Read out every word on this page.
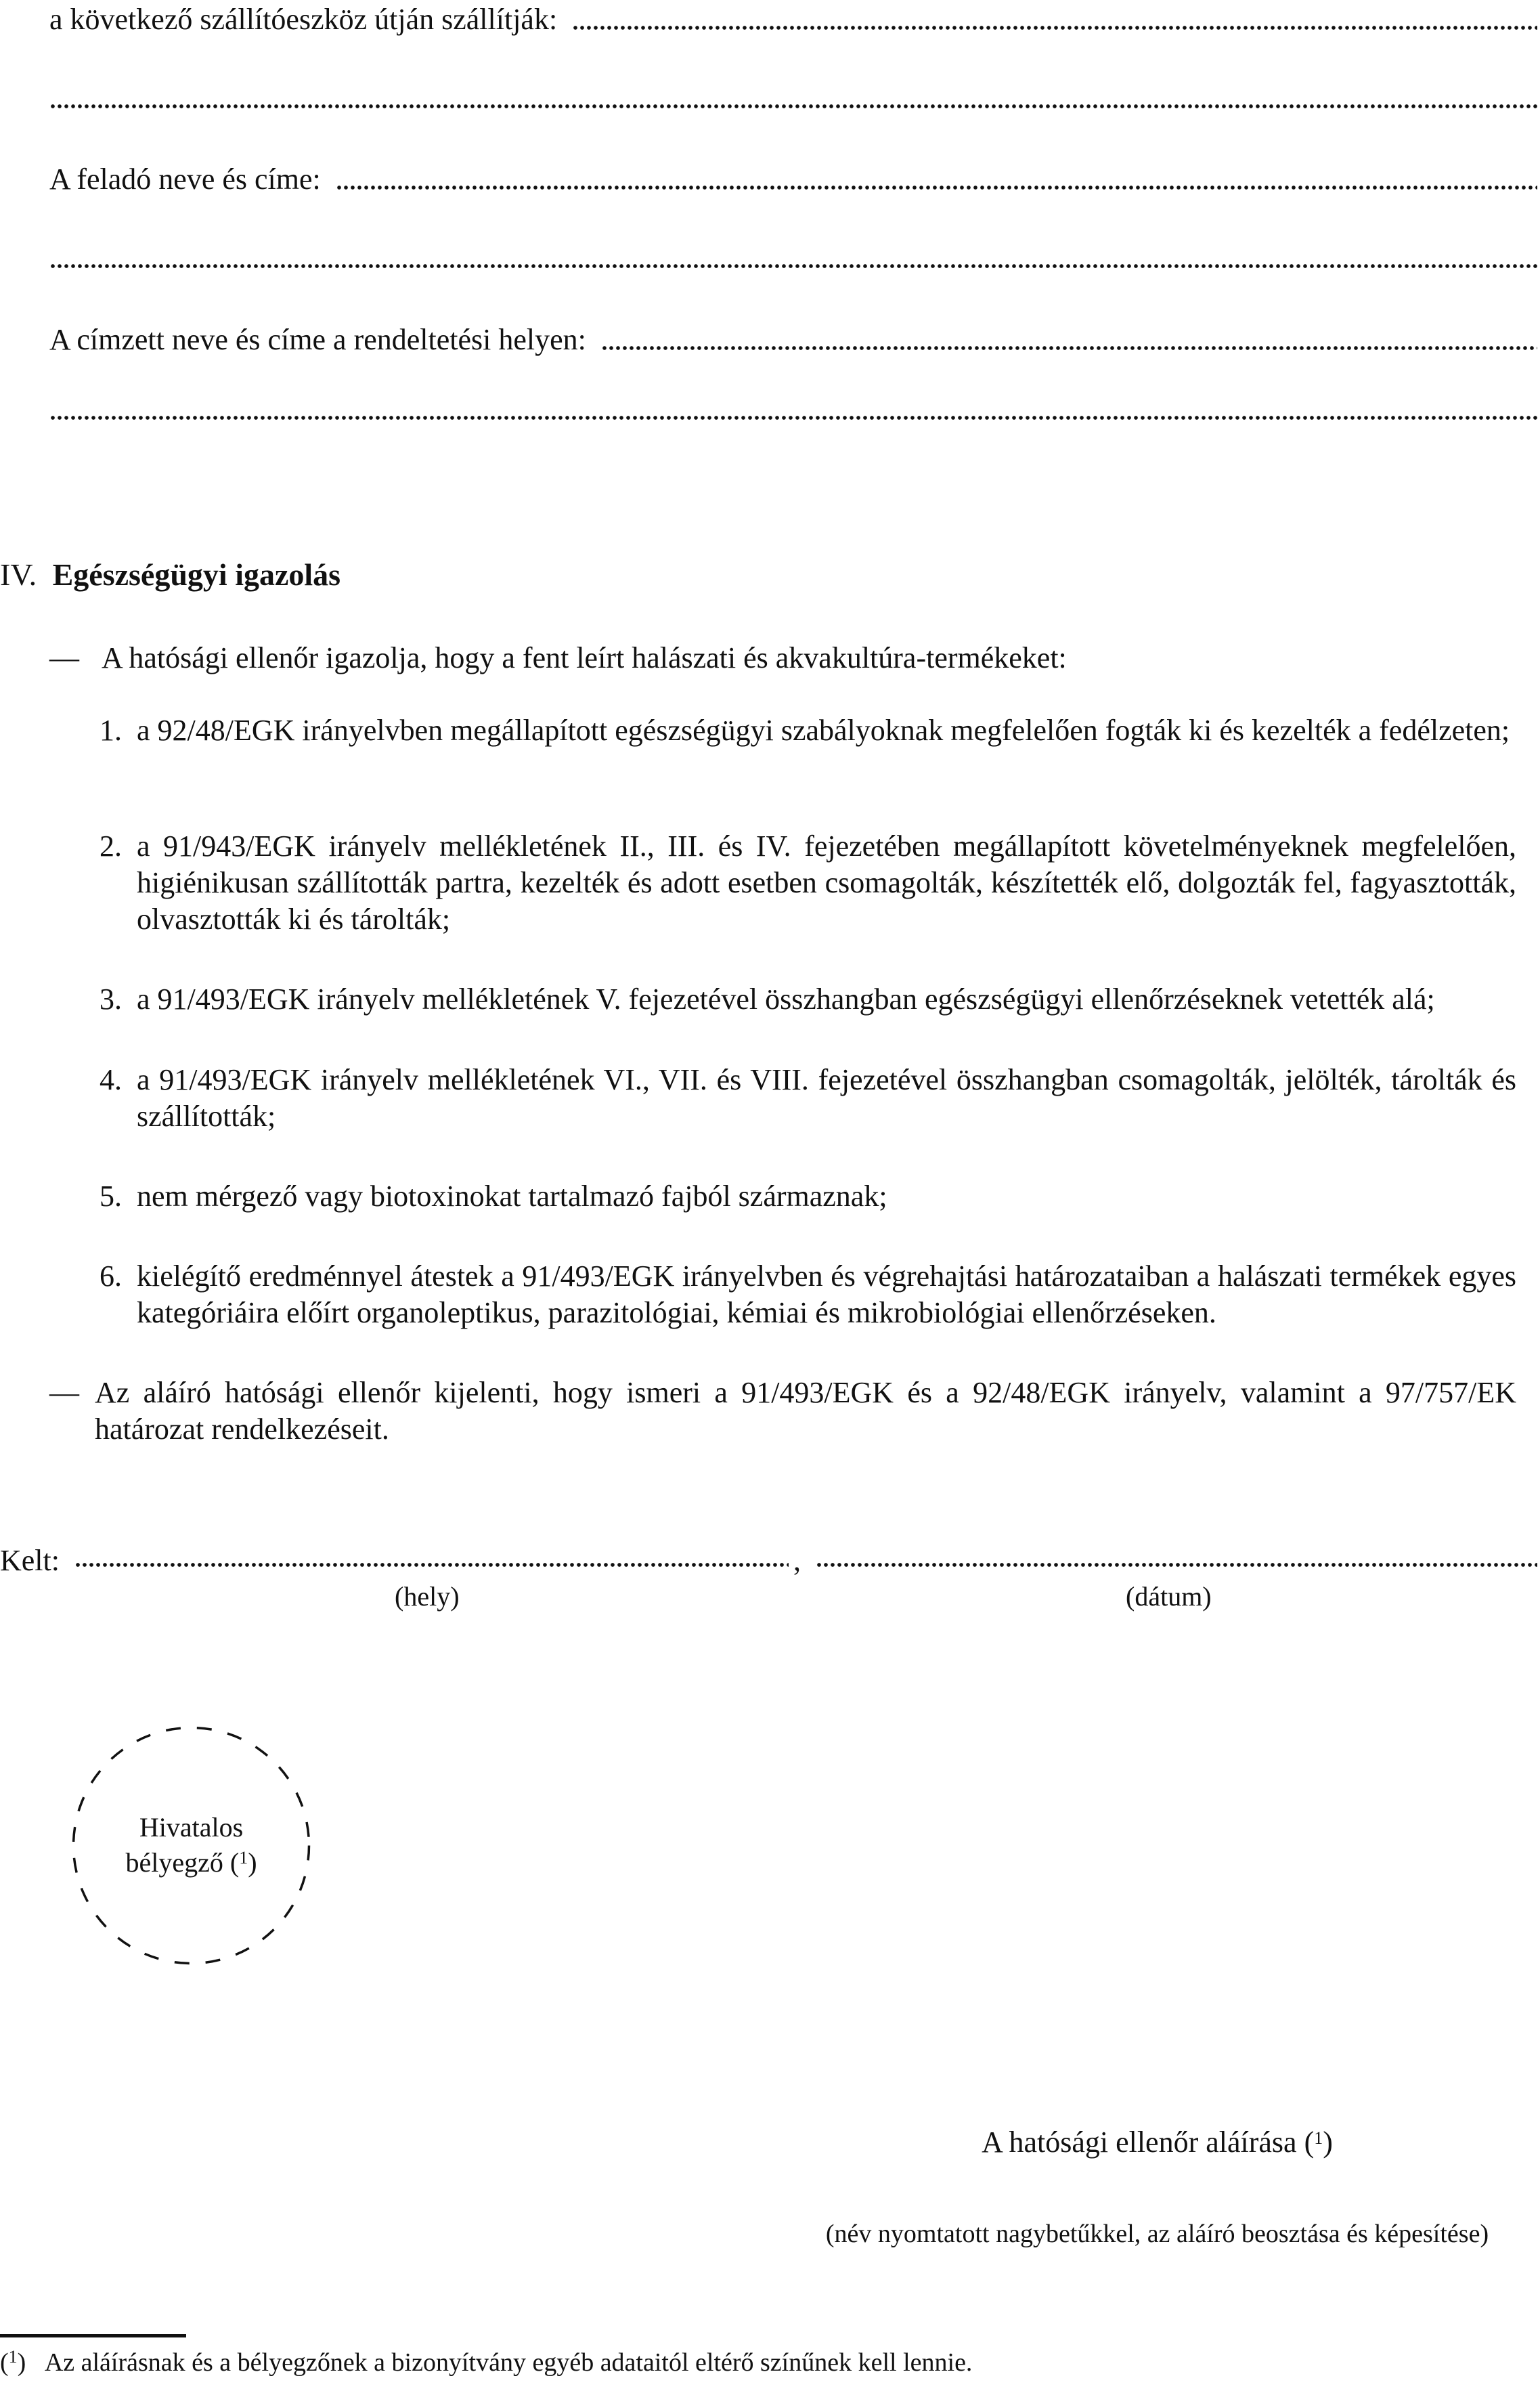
a következő szállítóeszköz útján szállítják:
A feladó neve és címe:
A címzett neve és címe a rendeltetési helyen:
IV. Egészségügyi igazolás
— A hatósági ellenőr igazolja, hogy a fent leírt halászati és akvakultúra-termékeket:
1. a 92/48/EGK irányelvben megállapított egészségügyi szabályoknak megfelelően fogták ki és kezelték a fedélzeten;
2. a 91/943/EGK irányelv mellékletének II., III. és IV. fejezetében megállapított követelményeknek megfelelően, higiénikusan szállították partra, kezelték és adott esetben csomagolták, készítették elő, dolgozták fel, fagyasztották, olvasztották ki és tárolták;
3. a 91/493/EGK irányelv mellékletének V. fejezetével összhangban egészségügyi ellenőrzéseknek vetették alá;
4. a 91/493/EGK irányelv mellékletének VI., VII. és VIII. fejezetével összhangban csomagolták, jelölték, tárolták és szállították;
5. nem mérgező vagy biotoxinokat tartalmazó fajból származnak;
6. kielégítő eredménnyel átestek a 91/493/EGK irányelvben és végrehajtási határozataiban a halászati termékek egyes kategóriáira előírt organoleptikus, parazitológiai, kémiai és mikrobiológiai ellenőrzéseken.
— Az aláíró hatósági ellenőr kijelenti, hogy ismeri a 91/493/EGK és a 92/48/EGK irányelv, valamint a 97/757/EK határozat rendelkezéseit.
Kelt:	,
(hely)	(dátum)
Hivatalos
bélyegző ($^1$)
A hatósági ellenőr aláírása ($^1$)
(név nyomtatott nagybetűkkel, az aláíró beosztása és képesítése)
($^1$) Az aláírásnak és a bélyegzőnek a bizonyítvány egyéb adataitól eltérő színűnek kell lennie.
